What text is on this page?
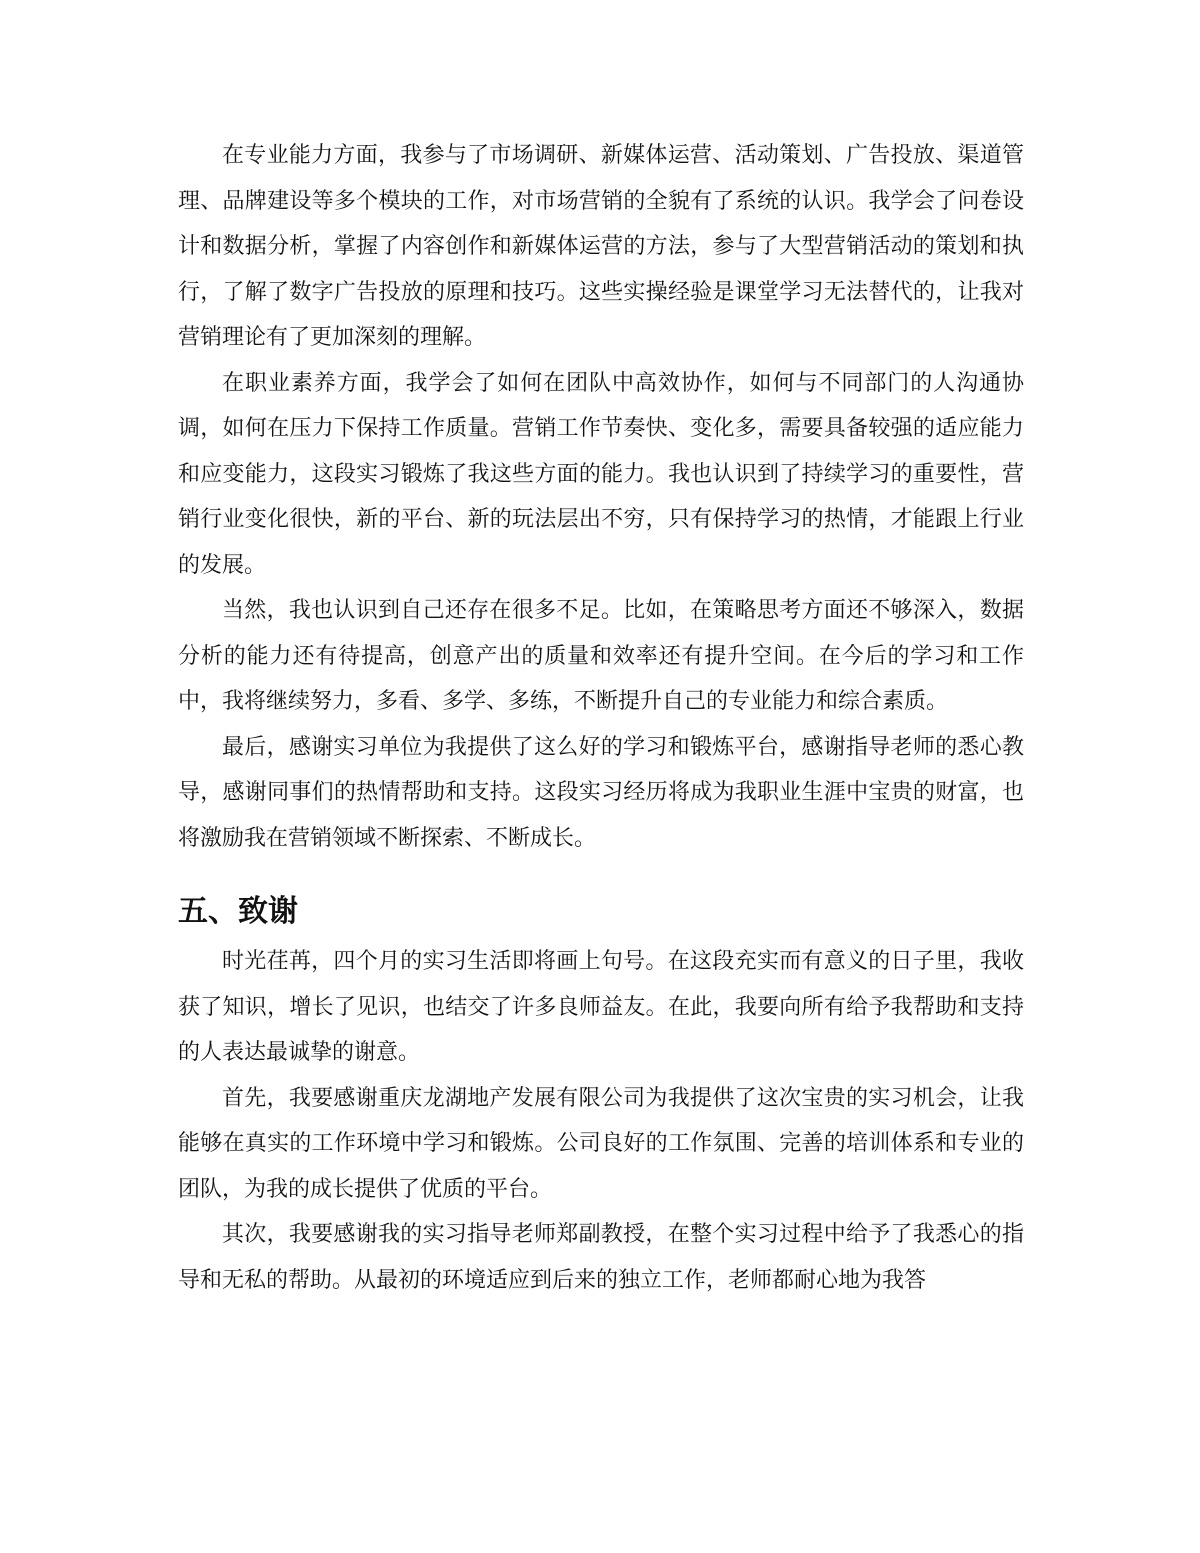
在专业能力方面，我参与了市场调研、新媒体运营、活动策划、广告投放、渠道管理、品牌建设等多个模块的工作，对市场营销的全貌有了系统的认识。我学会了问卷设计和数据分析，掌握了内容创作和新媒体运营的方法，参与了大型营销活动的策划和执行，了解了数字广告投放的原理和技巧。这些实操经验是课堂学习无法替代的，让我对营销理论有了更加深刻的理解。

在职业素养方面，我学会了如何在团队中高效协作，如何与不同部门的人沟通协调，如何在压力下保持工作质量。营销工作节奏快、变化多，需要具备较强的适应能力和应变能力，这段实习锻炼了我这些方面的能力。我也认识到了持续学习的重要性，营销行业变化很快，新的平台、新的玩法层出不穷，只有保持学习的热情，才能跟上行业的发展。

当然，我也认识到自己还存在很多不足。比如，在策略思考方面还不够深入，数据分析的能力还有待提高，创意产出的质量和效率还有提升空间。在今后的学习和工作中，我将继续努力，多看、多学、多练，不断提升自己的专业能力和综合素质。

最后，感谢实习单位为我提供了这么好的学习和锻炼平台，感谢指导老师的悉心教导，感谢同事们的热情帮助和支持。这段实习经历将成为我职业生涯中宝贵的财富，也将激励我在营销领域不断探索、不断成长。

五、致谢

时光荏苒，四个月的实习生活即将画上句号。在这段充实而有意义的日子里，我收获了知识，增长了见识，也结交了许多良师益友。在此，我要向所有给予我帮助和支持的人表达最诚挚的谢意。

首先，我要感谢重庆龙湖地产发展有限公司为我提供了这次宝贵的实习机会，让我能够在真实的工作环境中学习和锻炼。公司良好的工作氛围、完善的培训体系和专业的团队，为我的成长提供了优质的平台。

其次，我要感谢我的实习指导老师郑副教授，在整个实习过程中给予了我悉心的指导和无私的帮助。从最初的环境适应到后来的独立工作，老师都耐心地为我答
